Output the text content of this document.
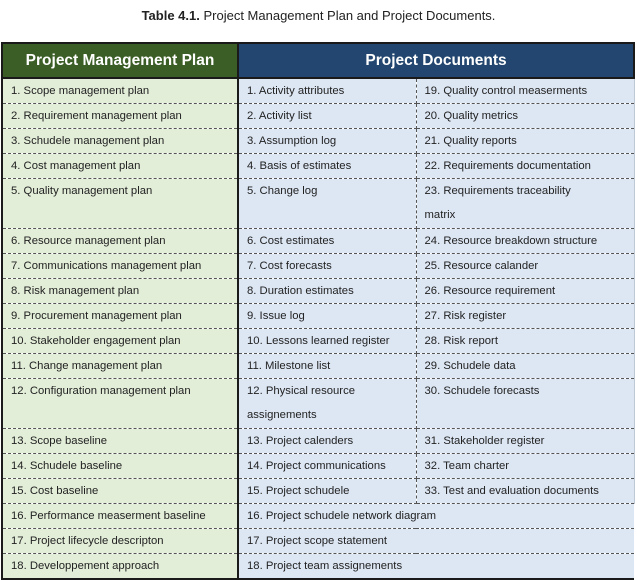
Table 4.1. Project Management Plan and Project Documents.
Project Management Plan	Project Documents	
1. Scope management plan	1. Activity attributes	19. Quality control measerments
2. Requirement management plan	2. Activity list	20. Quality metrics
3. Schudele management plan	3. Assumption log	21. Quality reports
4. Cost management plan	4. Basis of estimates	22. Requirements documentation
5. Quality management plan	5. Change log	23. Requirements traceability matrix
6. Resource management plan	6. Cost estimates	24. Resource breakdown structure
7. Communications management plan	7. Cost forecasts	25. Resource calander
8. Risk management plan	8. Duration estimates	26. Resource requirement
9. Procurement management plan	9. Issue log	27. Risk register
10. Stakeholder engagement plan	10. Lessons learned register	28. Risk report
11. Change management plan	11. Milestone list	29. Schudele data
12. Configuration management plan	12. Physical resource assignements	30. Schudele forecasts
13. Scope baseline	13. Project calenders	31. Stakeholder register
14. Schudele baseline	14. Project communications	32. Team charter
15. Cost baseline	15. Project schudele	33. Test and evaluation documents
16. Performance measerment baseline	16. Project schudele network diagram	
17. Project lifecycle descripton	17. Project scope statement	
18. Developpement approach	18. Project team assignements	
